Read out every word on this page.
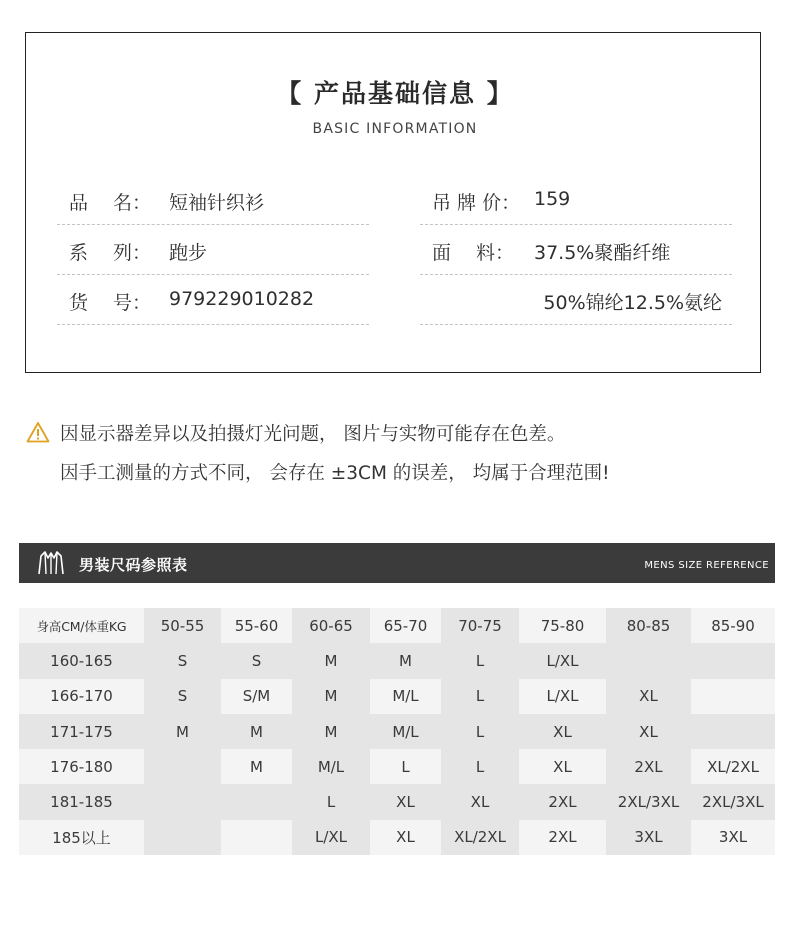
【 产品基础信息 】
BASIC INFORMATION
品　 名： 短袖针织衫
系　 列： 跑步
货　 号： 979229010282
吊 牌 价： 159
面　 料： 37.5%聚酯纤维
50%锦纶12.5%氨纶
因显示器差异以及拍摄灯光问题， 图片与实物可能存在色差。
因手工测量的方式不同， 会存在 ±3CM 的误差， 均属于合理范围!
男装尺码参照表	MENS SIZE REFERENCE
身高CM/体重KG	50-55	55-60	60-65	65-70	70-75	75-80	80-85	85-90
160-165	S	S	M	M	L	L/XL		
166-170	S	S/M	M	M/L	L	L/XL	XL	
171-175	M	M	M	M/L	L	XL	XL	
176-180		M	M/L	L	L	XL	2XL	XL/2XL
181-185			L	XL	XL	2XL	2XL/3XL	2XL/3XL
185以上			L/XL	XL	XL/2XL	2XL	3XL	3XL
